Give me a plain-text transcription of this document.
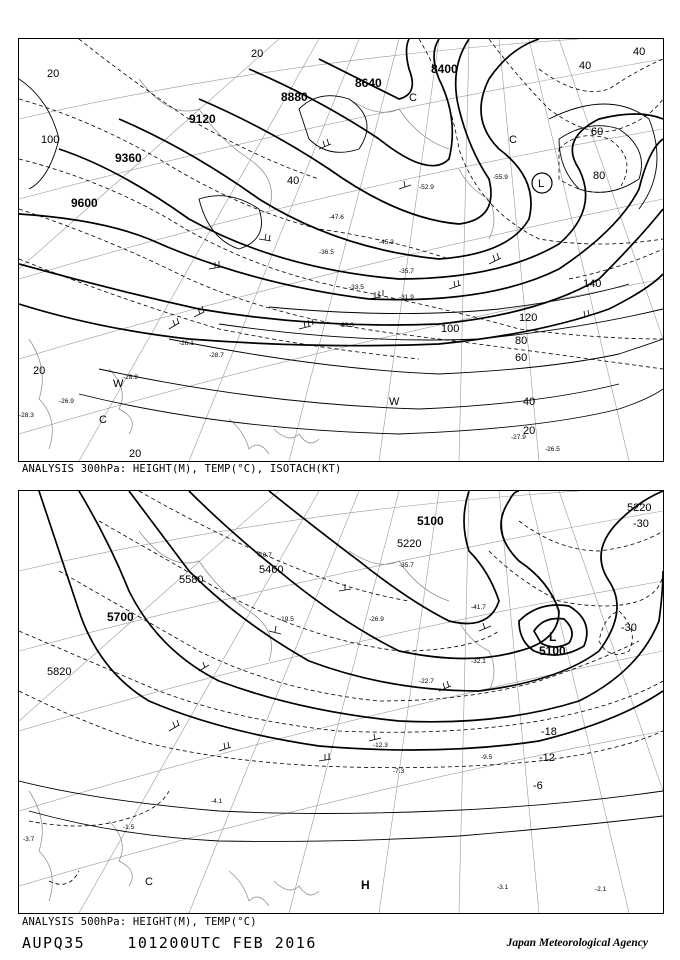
20
40
60
80
100
120
140
20
20
20
40
40
40
60
80
20
100
9600
9360
9120
8880
8640
8400
C
C
C
W
W
L
-28.9
-33.5
-36.5
-45.3
-47.6
-52.9
-55.9
-27.9
-26.9
-31.9
-35.7
-29.3
-28.7
-26.1
-28.3
-26.5
ANALYSIS 300hPa: HEIGHT(M), TEMP(°C), ISOTACH(KT)
5820
5700
5580
5460
5220
5100
5220
-30
-30
-18
-12
-6
L
5100
H
C
-41.7
-32.1
-20.7
-19.5
-12.3
-9.5
-7.3
-4.1
-3.7
-2.1
-3.1
-1.5
-22.7
-26.9
-35.7
ANALYSIS 500hPa: HEIGHT(M), TEMP(°C)
AUPQ35	101200UTC FEB 2016	Japan Meteorological Agency
